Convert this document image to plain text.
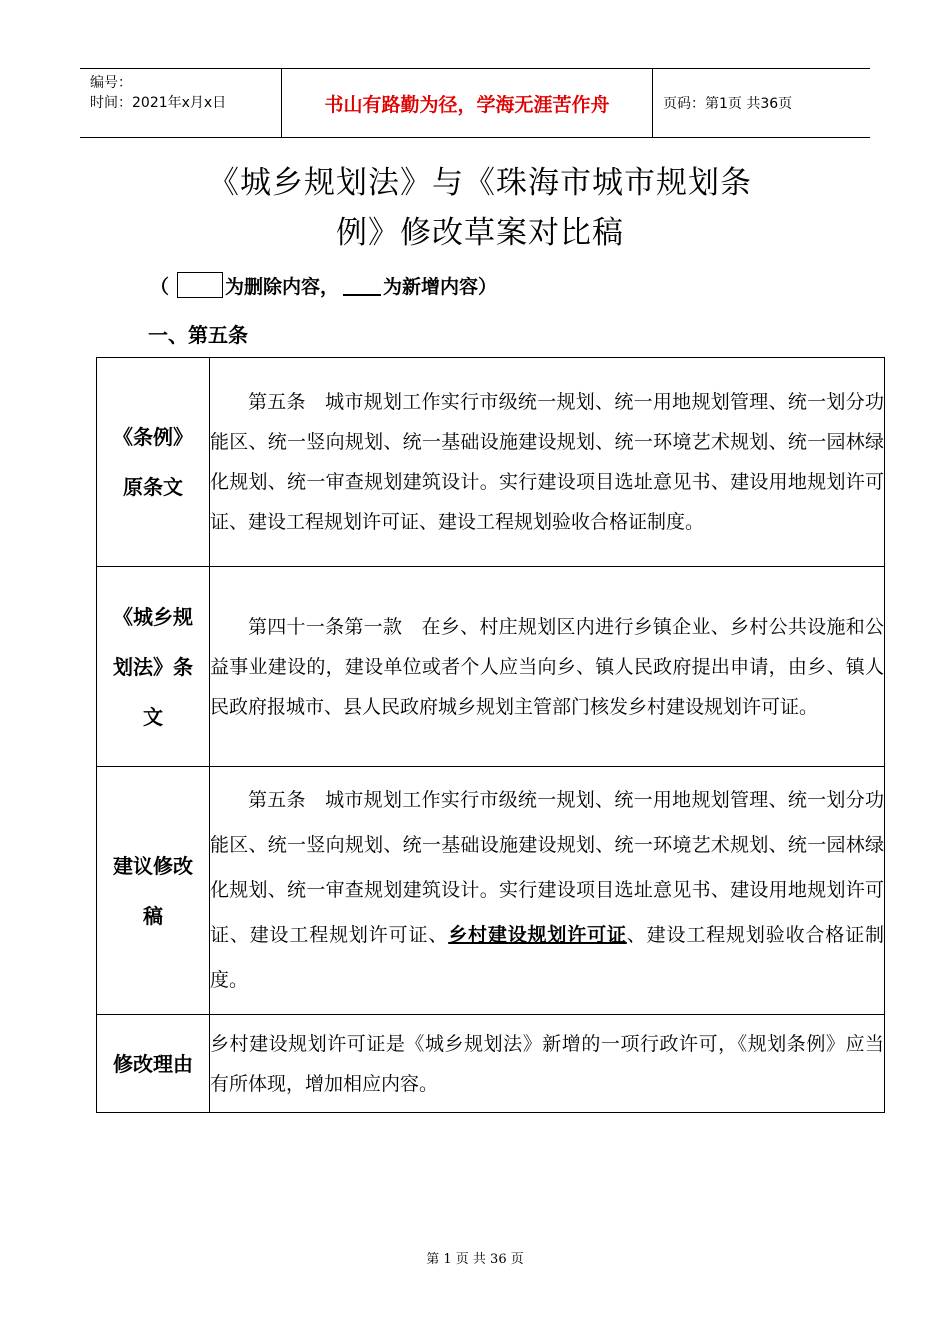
编号：
时间：2021年x月x日	书山有路勤为径，学海无涯苦作舟	页码：第1页 共36页
《城乡规划法》与《珠海市城市规划条
例》修改草案对比稿
（	为删除内容， 为新增内容）
一、第五条
《条例》原条文	第五条　城市规划工作实行市级统一规划、统一用地规划管理、统一划分功能区、统一竖向规划、统一基础设施建设规划、统一环境艺术规划、统一园林绿化规划、统一审查规划建筑设计。实行建设项目选址意见书、建设用地规划许可证、建设工程规划许可证、建设工程规划验收合格证制度。

《城乡规划法》条文	第四十一条第一款　在乡、村庄规划区内进行乡镇企业、乡村公共设施和公益事业建设的，建设单位或者个人应当向乡、镇人民政府提出申请，由乡、镇人民政府报城市、县人民政府城乡规划主管部门核发乡村建设规划许可证。

建议修改稿	第五条　城市规划工作实行市级统一规划、统一用地规划管理、统一划分功能区、统一竖向规划、统一基础设施建设规划、统一环境艺术规划、统一园林绿化规划、统一审查规划建筑设计。实行建设项目选址意见书、建设用地规划许可证、建设工程规划许可证、乡村建设规划许可证、建设工程规划验收合格证制度。

修改理由	乡村建设规划许可证是《城乡规划法》新增的一项行政许可，《规划条例》应当有所体现，增加相应内容。

第 1 页 共 36 页
